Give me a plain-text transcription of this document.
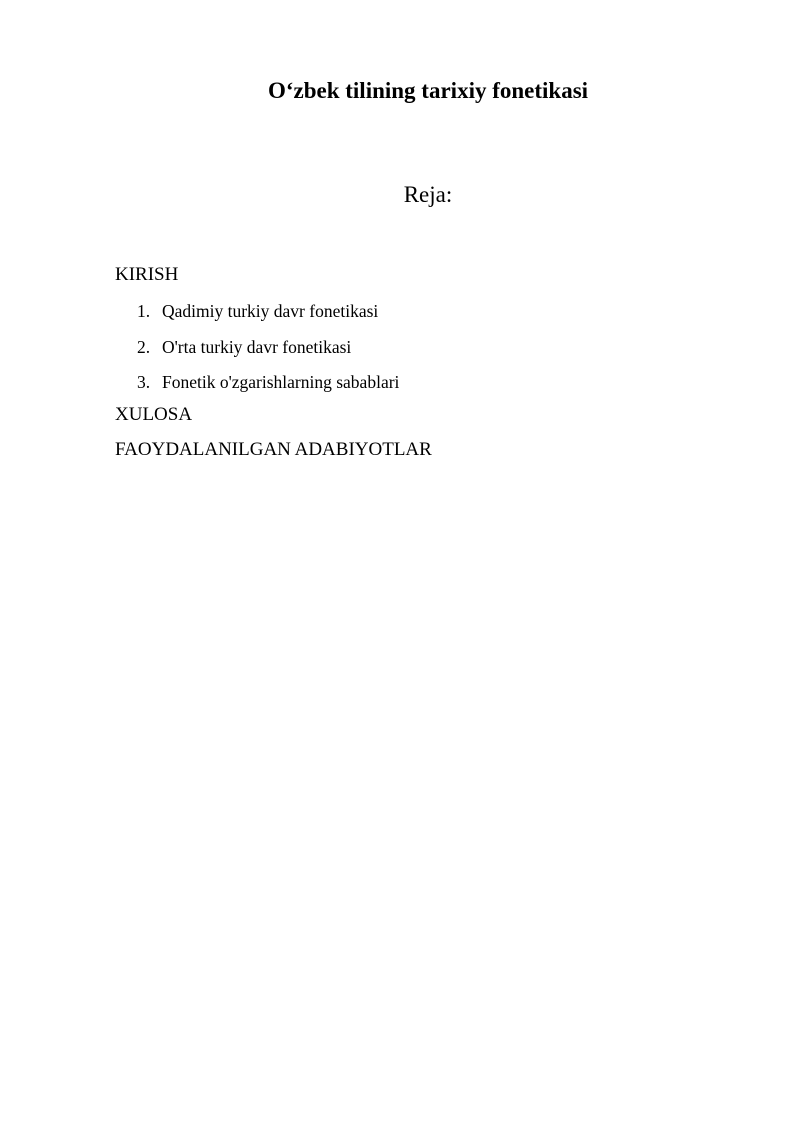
O‘zbek tilining tarixiy fonetikasi
Reja:

KIRISH

1. Qadimiy turkiy davr fonetikasi
2. O'rta turkiy davr fonetikasi
3. Fonetik o'zgarishlarning sabablari

XULOSA

FAOYDALANILGAN ADABIYOTLAR
